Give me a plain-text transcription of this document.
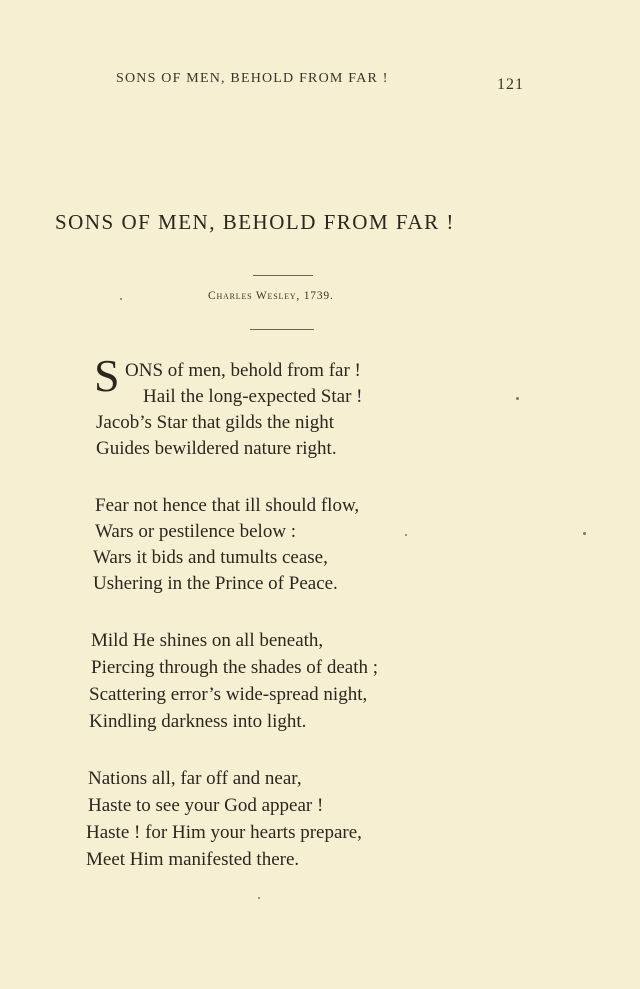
SONS OF MEN, BEHOLD FROM FAR !	121
SONS OF MEN, BEHOLD FROM FAR !
Charles Wesley, 1739.
S ONS of men, behold from far !
Hail the long-expected Star !
Jacob’s Star that gilds the night
Guides bewildered nature right.
Fear not hence that ill should flow,
Wars or pestilence below :
Wars it bids and tumults cease,
Ushering in the Prince of Peace.
Mild He shines on all beneath,
Piercing through the shades of death ;
Scattering error’s wide-spread night,
Kindling darkness into light.
Nations all, far off and near,
Haste to see your God appear !
Haste ! for Him your hearts prepare,
Meet Him manifested there.
